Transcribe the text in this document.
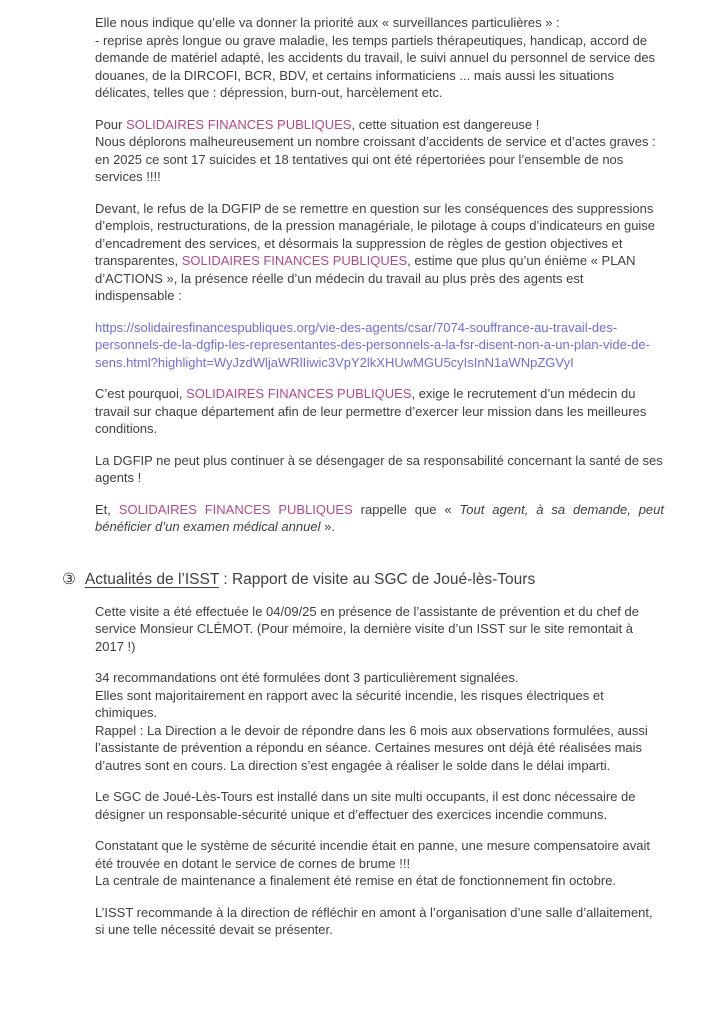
Elle nous indique qu’elle va donner la priorité aux « surveillances particulières » :
- reprise après longue ou grave maladie, les temps partiels thérapeutiques, handicap, accord de demande de matériel adapté, les accidents du travail, le suivi annuel du personnel de service des douanes, de la DIRCOFI, BCR, BDV, et certains informaticiens ... mais aussi les situations délicates, telles que : dépression, burn-out, harcèlement etc.

Pour SOLIDAIRES FINANCES PUBLIQUES, cette situation est dangereuse !
Nous déplorons malheureusement un nombre croissant d’accidents de service et d’actes graves : en 2025 ce sont 17 suicides et 18 tentatives qui ont été répertoriées pour l’ensemble de nos services !!!!

Devant, le refus de la DGFIP de se remettre en question sur les conséquences des suppressions d’emplois, restructurations, de la pression managériale, le pilotage à coups d’indicateurs en guise d’encadrement des services, et désormais la suppression de règles de gestion objectives et transparentes, SOLIDAIRES FINANCES PUBLIQUES, estime que plus qu’un énième « PLAN d’ACTIONS », la présence réelle d’un médecin du travail au plus près des agents est indispensable :

https://solidairesfinancespubliques.org/vie-des-agents/csar/7074-souffrance-au-travail-des-personnels-de-la-dgfip-les-representantes-des-personnels-a-la-fsr-disent-non-a-un-plan-vide-de-sens.html?highlight=WyJzdWljaWRlIiwic3VpY2lkXHUwMGU5cyIsInN1aWNpZGVyI

C’est pourquoi, SOLIDAIRES FINANCES PUBLIQUES, exige le recrutement d’un médecin du travail sur chaque département afin de leur permettre d’exercer leur mission dans les meilleures conditions.

La DGFIP ne peut plus continuer à se désengager de sa responsabilité concernant la santé de ses agents !

Et, SOLIDAIRES FINANCES PUBLIQUES rappelle que « Tout agent, à sa demande, peut bénéficier d’un examen médical annuel ».

③ Actualités de l’ISST : Rapport de visite au SGC de Joué-lès-Tours

Cette visite a été effectuée le 04/09/25 en présence de l’assistante de prévention et du chef de service Monsieur CLÉMOT. (Pour mémoire, la dernière visite d’un ISST sur le site remontait à 2017 !)

34 recommandations ont été formulées dont 3 particulièrement signalées.
Elles sont majoritairement en rapport avec la sécurité incendie, les risques électriques et chimiques.
Rappel : La Direction a le devoir de répondre dans les 6 mois aux observations formulées, aussi l’assistante de prévention a répondu en séance. Certaines mesures ont déjà été réalisées mais d’autres sont en cours. La direction s’est engagée à réaliser le solde dans le délai imparti.

Le SGC de Joué-Lès-Tours est installé dans un site multi occupants, il est donc nécessaire de désigner un responsable-sécurité unique et d’effectuer des exercices incendie communs.

Constatant que le système de sécurité incendie était en panne, une mesure compensatoire avait été trouvée en dotant le service de cornes de brume !!!
La centrale de maintenance a finalement été remise en état de fonctionnement fin octobre.

L’ISST recommande à la direction de réfléchir en amont à l’organisation d’une salle d’allaitement, si une telle nécessité devait se présenter.
